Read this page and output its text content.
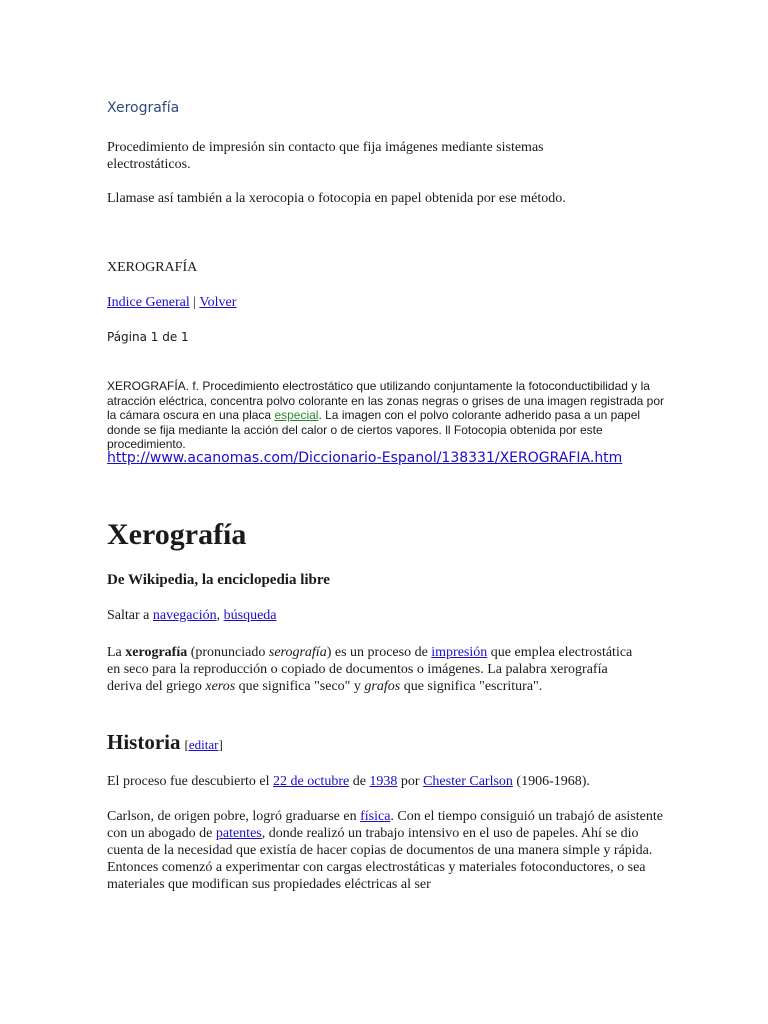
Xerografía

Procedimiento de impresión sin contacto que fija imágenes mediante sistemas electrostáticos.

Llamase así también a la xerocopia o fotocopia en papel obtenida por ese método.

XEROGRAFÍA
Indice General | Volver
Página 1 de 1

XEROGRAFÍA. f. Procedimiento electrostático que utilizando conjuntamente la fotoconductibilidad y la atracción eléctrica, concentra polvo colorante en las zonas negras o grises de una imagen registrada por la cámara oscura en una placa especial. La imagen con el polvo colorante adherido pasa a un papel donde se fija mediante la acción del calor o de ciertos vapores. ll Fotocopia obtenida por este procedimiento.

http://www.acanomas.com/Diccionario-Espanol/138331/XEROGRAFIA.htm
Xerografía
De Wikipedia, la enciclopedia libre
Saltar a navegación, búsqueda

La xerografía (pronunciado serografía) es un proceso de impresión que emplea electrostática en seco para la reproducción o copiado de documentos o imágenes. La palabra xerografía deriva del griego xeros que significa "seco" y grafos que significa "escritura".

Historia [editar]

El proceso fue descubierto el 22 de octubre de 1938 por Chester Carlson (1906-1968).

Carlson, de origen pobre, logró graduarse en física. Con el tiempo consiguió un trabajó de asistente con un abogado de patentes, donde realizó un trabajo intensivo en el uso de papeles. Ahí se dio cuenta de la necesidad que existía de hacer copias de documentos de una manera simple y rápida. Entonces comenzó a experimentar con cargas electrostáticas y materiales fotoconductores, o sea materiales que modifican sus propiedades eléctricas al ser
